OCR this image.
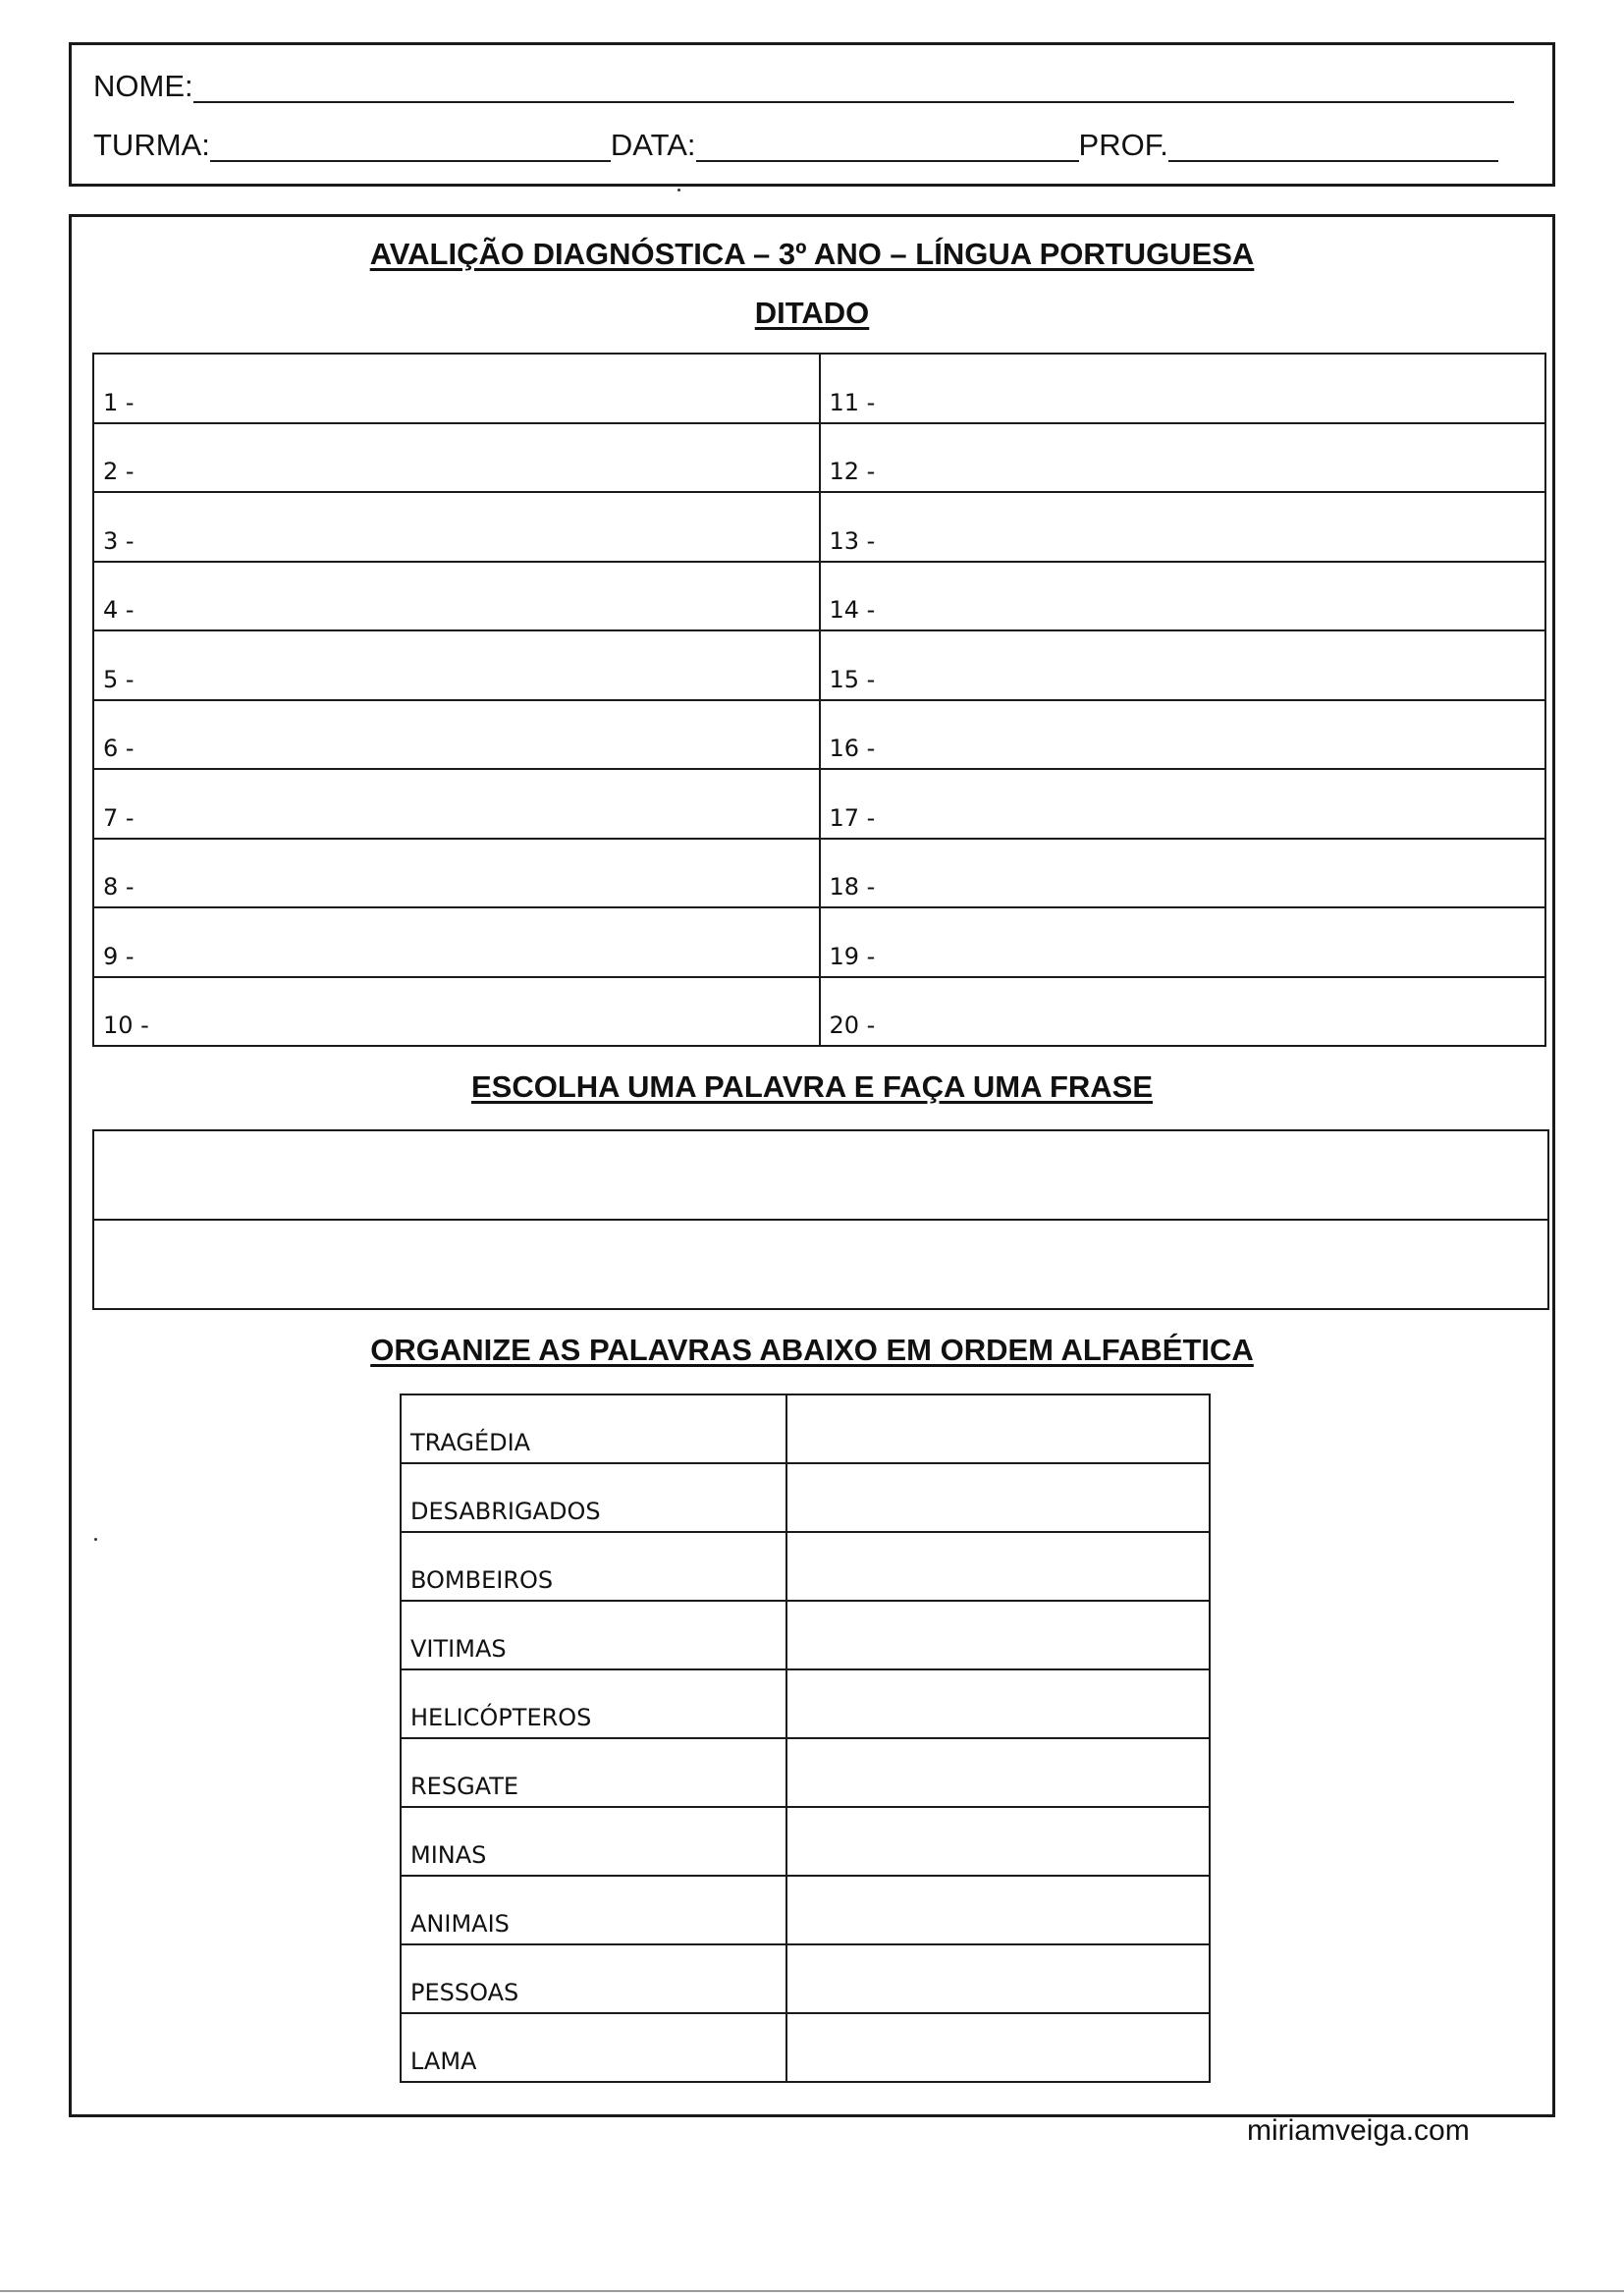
NOME:
TURMA:	DATA:	PROF.
AVALIÇÃO DIAGNÓSTICA – 3º ANO – LÍNGUA PORTUGUESA
DITADO
1 -	11 -
2 -	12 -
3 -	13 -
4 -	14 -
5 -	15 -
6 -	16 -
7 -	17 -
8 -	18 -
9 -	19 -
10 -	20 -
ESCOLHA UMA PALAVRA E FAÇA UMA FRASE

ORGANIZE AS PALAVRAS ABAIXO EM ORDEM ALFABÉTICA
TRAGÉDIA	
DESABRIGADOS	
BOMBEIROS	
VITIMAS	
HELICÓPTEROS	
RESGATE	
MINAS	
ANIMAIS	
PESSOAS	
LAMA	
miriamveiga.com
